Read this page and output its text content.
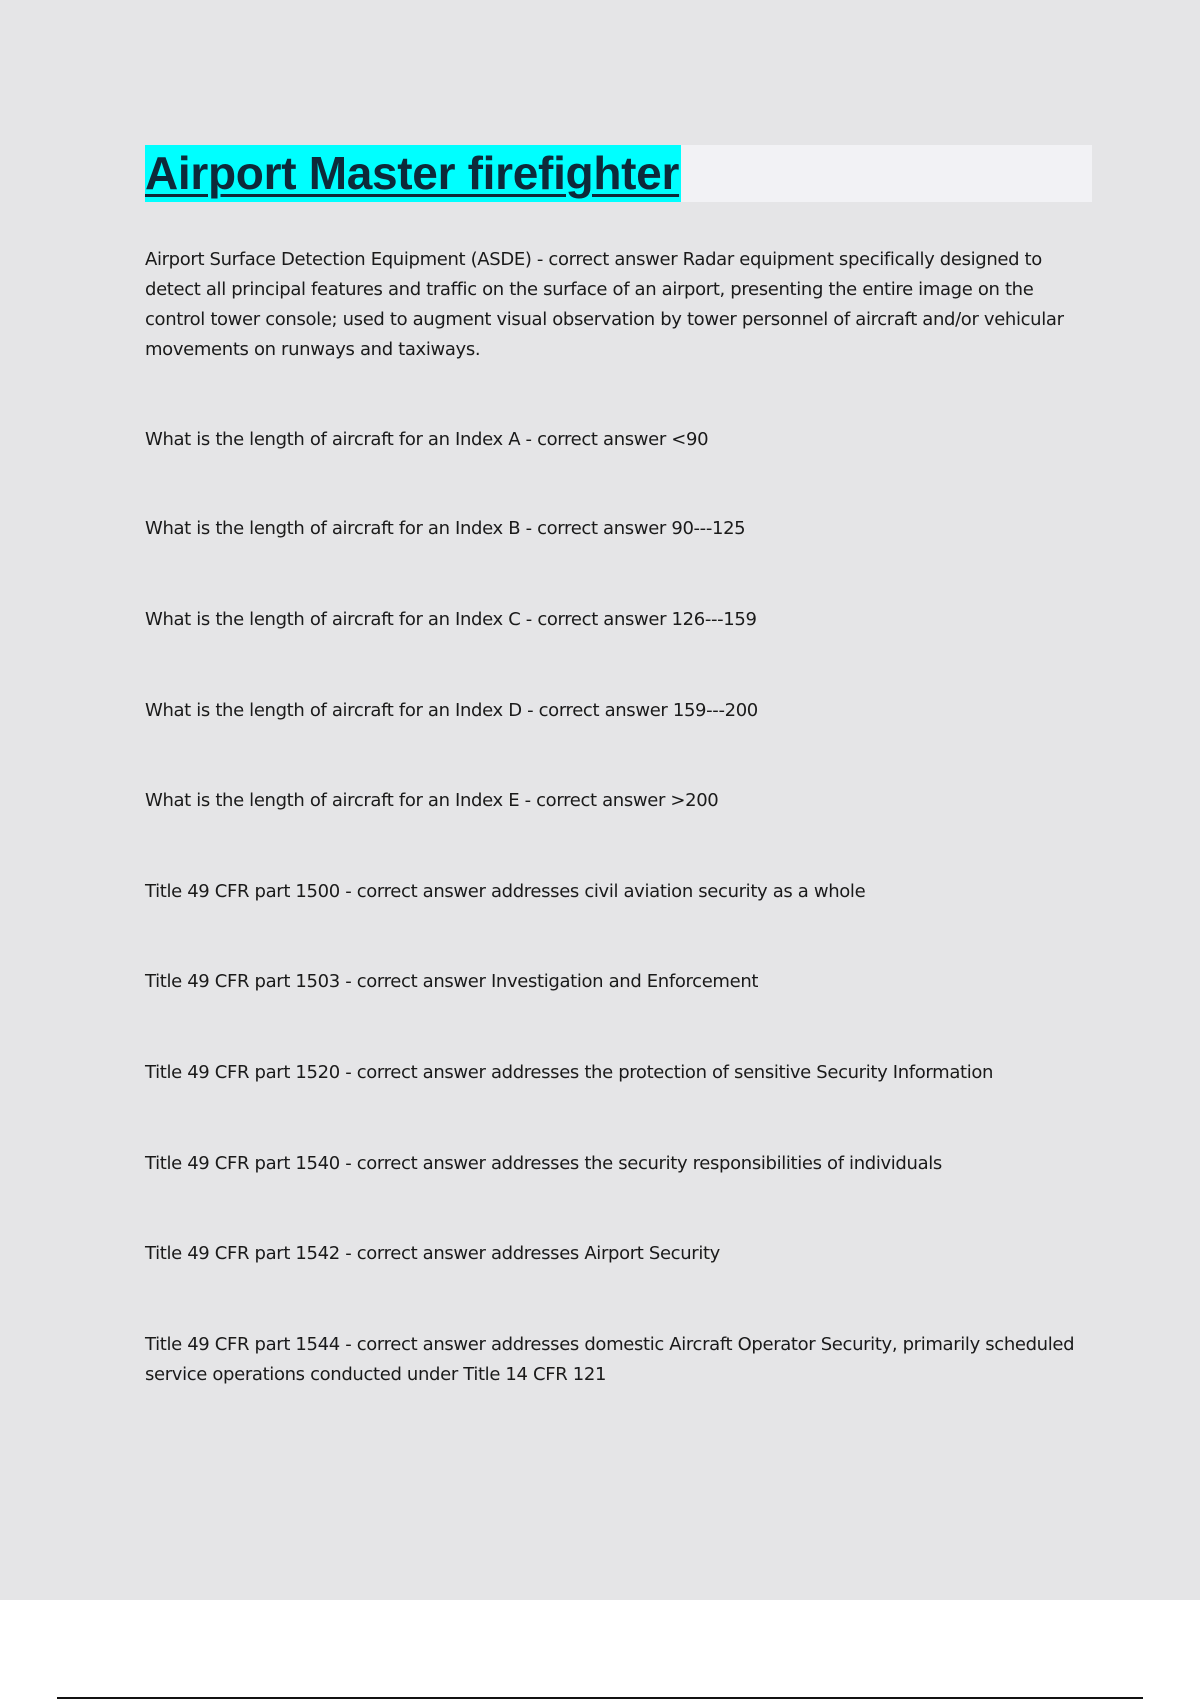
Airport Master firefighter

Airport Surface Detection Equipment (ASDE) - correct answer Radar equipment specifically designed to detect all principal features and traffic on the surface of an airport, presenting the entire image on the control tower console; used to augment visual observation by tower personnel of aircraft and/or vehicular movements on runways and taxiways.

What is the length of aircraft for an Index A - correct answer <90

What is the length of aircraft for an Index B - correct answer 90---125

What is the length of aircraft for an Index C - correct answer 126---159

What is the length of aircraft for an Index D - correct answer 159---200

What is the length of aircraft for an Index E - correct answer >200

Title 49 CFR part 1500 - correct answer addresses civil aviation security as a whole

Title 49 CFR part 1503 - correct answer Investigation and Enforcement

Title 49 CFR part 1520 - correct answer addresses the protection of sensitive Security Information

Title 49 CFR part 1540 - correct answer addresses the security responsibilities of individuals

Title 49 CFR part 1542 - correct answer addresses Airport Security

Title 49 CFR part 1544 - correct answer addresses domestic Aircraft Operator Security, primarily scheduled service operations conducted under Title 14 CFR 121
